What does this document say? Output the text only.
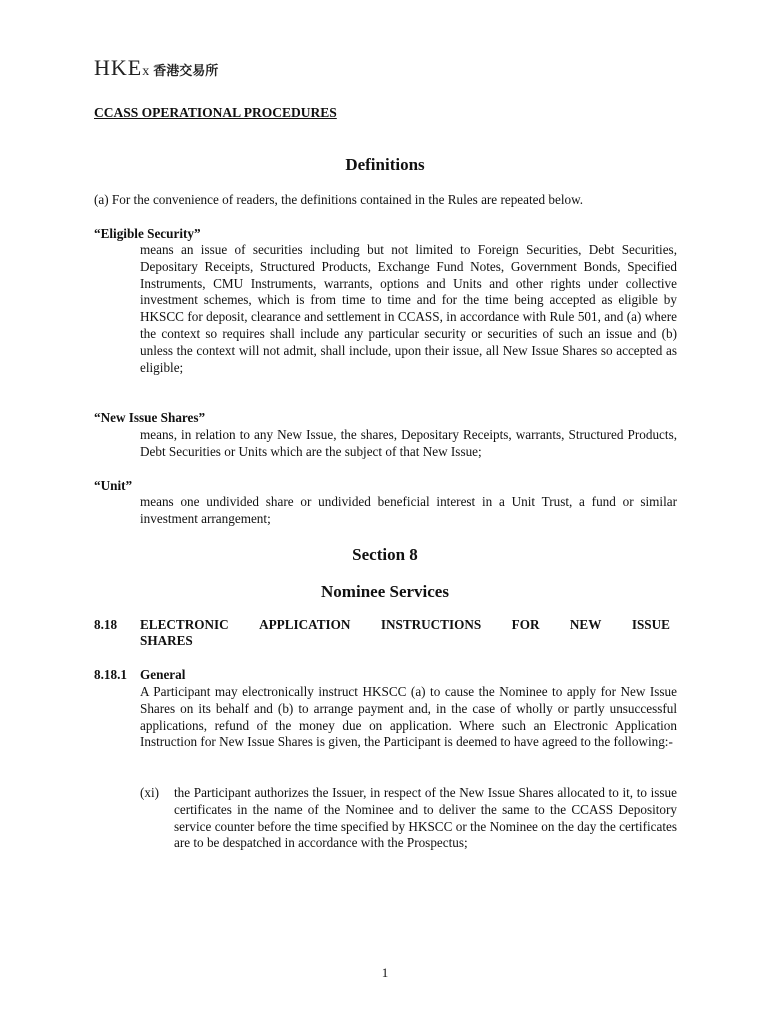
HKEx 香港交易所
CCASS OPERATIONAL PROCEDURES
Definitions
(a) For the convenience of readers, the definitions contained in the Rules are repeated below.
“Eligible Security”
means an issue of securities including but not limited to Foreign Securities, Debt Securities, Depositary Receipts, Structured Products, Exchange Fund Notes, Government Bonds, Specified Instruments, CMU Instruments, warrants, options and Units and other rights under collective investment schemes, which is from time to time and for the time being accepted as eligible by HKSCC for deposit, clearance and settlement in CCASS, in accordance with Rule 501, and (a) where the context so requires shall include any particular security or securities of such an issue and (b) unless the context will not admit, shall include, upon their issue, all New Issue Shares so accepted as eligible;
“New Issue Shares”
means, in relation to any New Issue, the shares, Depositary Receipts, warrants, Structured Products, Debt Securities or Units which are the subject of that New Issue;
“Unit”
means one undivided share or undivided beneficial interest in a Unit Trust, a fund or similar investment arrangement;
Section 8
Nominee Services
8.18 ELECTRONIC APPLICATION INSTRUCTIONS FOR NEW ISSUE
SHARES
8.18.1 General
A Participant may electronically instruct HKSCC (a) to cause the Nominee to apply for New Issue Shares on its behalf and (b) to arrange payment and, in the case of wholly or partly unsuccessful applications, refund of the money due on application. Where such an Electronic Application Instruction for New Issue Shares is given, the Participant is deemed to have agreed to the following:-
(xi) the Participant authorizes the Issuer, in respect of the New Issue Shares allocated to it, to issue certificates in the name of the Nominee and to deliver the same to the CCASS Depository service counter before the time specified by HKSCC or the Nominee on the day the certificates are to be despatched in accordance with the Prospectus;
1
